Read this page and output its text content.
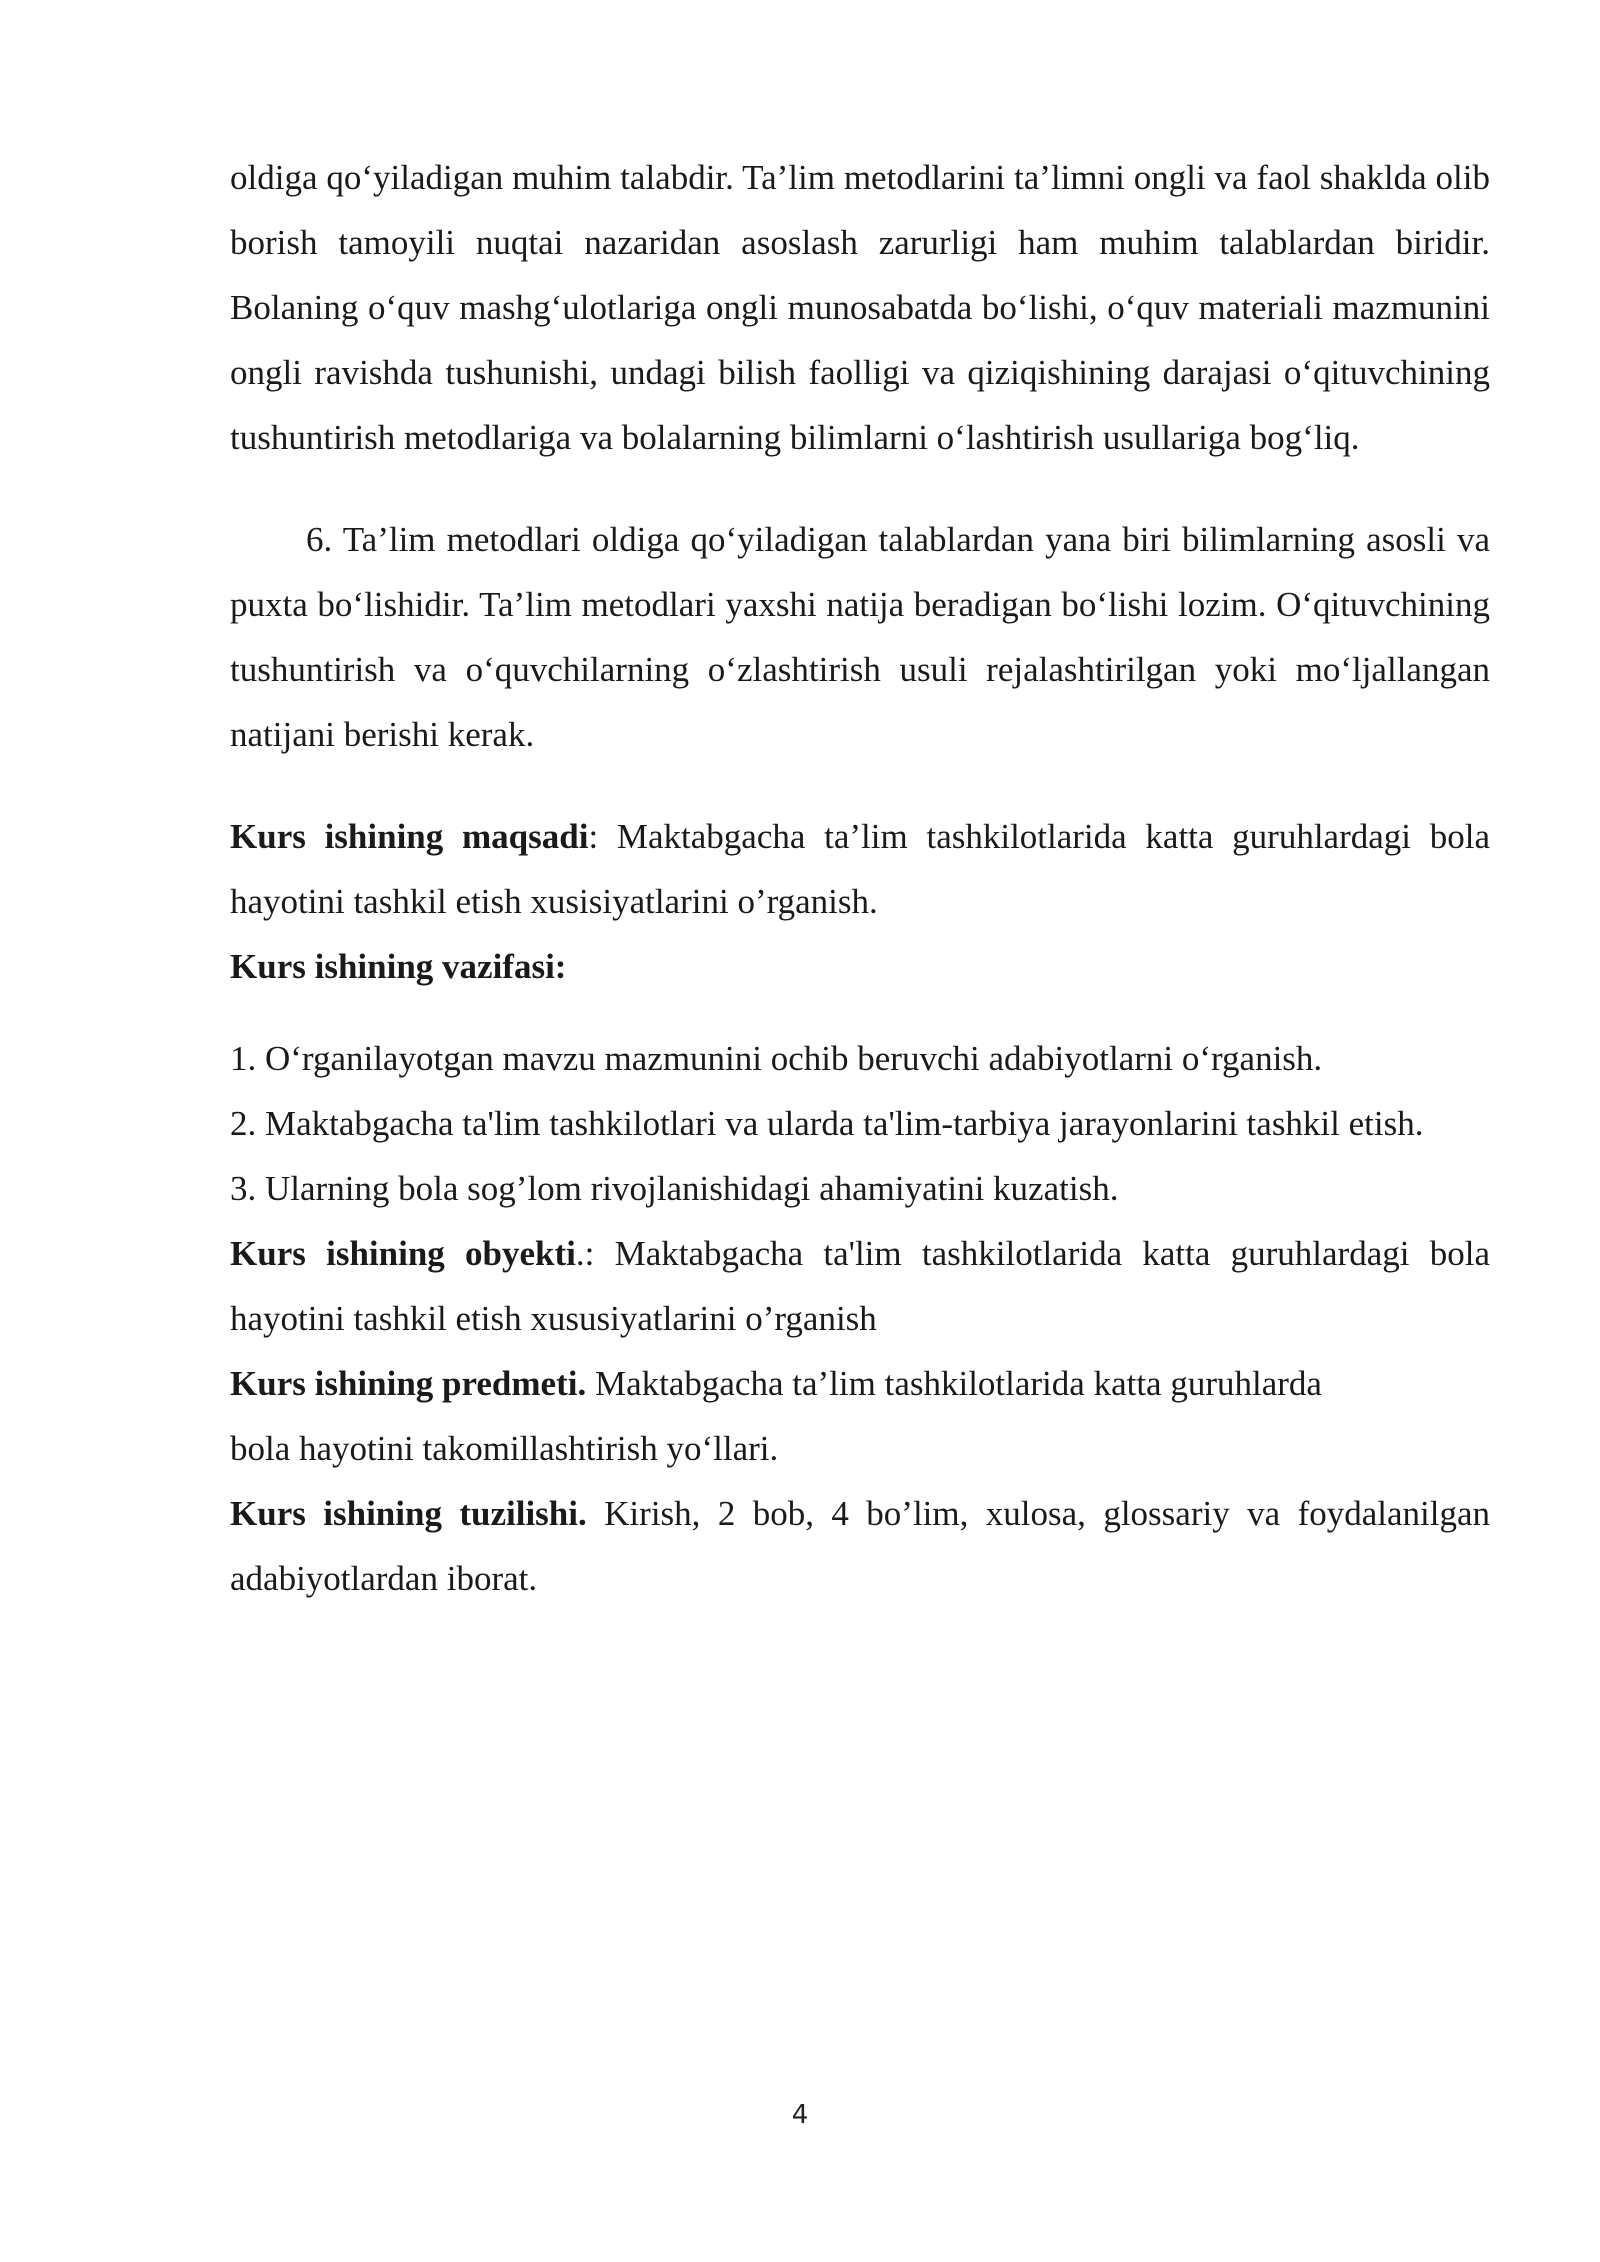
oldiga qo‘yiladigan muhim talabdir. Ta’lim metodlarini ta’limni ongli va faol shaklda olib borish tamoyili nuqtai nazaridan asoslash zarurligi ham muhim talablardan biridir. Bolaning o‘quv mashg‘ulotlariga ongli munosabatda bo‘lishi, o‘quv materiali mazmunini ongli ravishda tushunishi, undagi bilish faolligi va qiziqishining darajasi o‘qituvchining tushuntirish metodlariga va bolalarning bilimlarni o‘lashtirish usullariga bog‘liq.

6. Ta’lim metodlari oldiga qo‘yiladigan talablardan yana biri bilimlarning asosli va puxta bo‘lishidir. Ta’lim metodlari yaxshi natija beradigan bo‘lishi lozim. O‘qituvchining tushuntirish va o‘quvchilarning o‘zlashtirish usuli rejalashtirilgan yoki mo‘ljallangan natijani berishi kerak.

Kurs ishining maqsadi: Maktabgacha ta’lim tashkilotlarida katta guruhlardagi bola hayotini tashkil etish xusisiyatlarini o’rganish.

Kurs ishining vazifasi:

1. O‘rganilayotgan mavzu mazmunini ochib beruvchi adabiyotlarni o‘rganish.

2. Maktabgacha ta'lim tashkilotlari va ularda ta'lim-tarbiya jarayonlarini tashkil etish.

3. Ularning bola sog’lom rivojlanishidagi ahamiyatini kuzatish.

Kurs ishining obyekti.: Maktabgacha ta'lim tashkilotlarida katta guruhlardagi bola hayotini tashkil etish xususiyatlarini o’rganish

Kurs ishining predmeti. Maktabgacha ta’lim tashkilotlarida katta guruhlarda
bola hayotini takomillashtirish yo‘llari.

Kurs ishining tuzilishi. Kirish, 2 bob, 4 bo’lim, xulosa, glossariy va foydalanilgan adabiyotlardan iborat.

4
